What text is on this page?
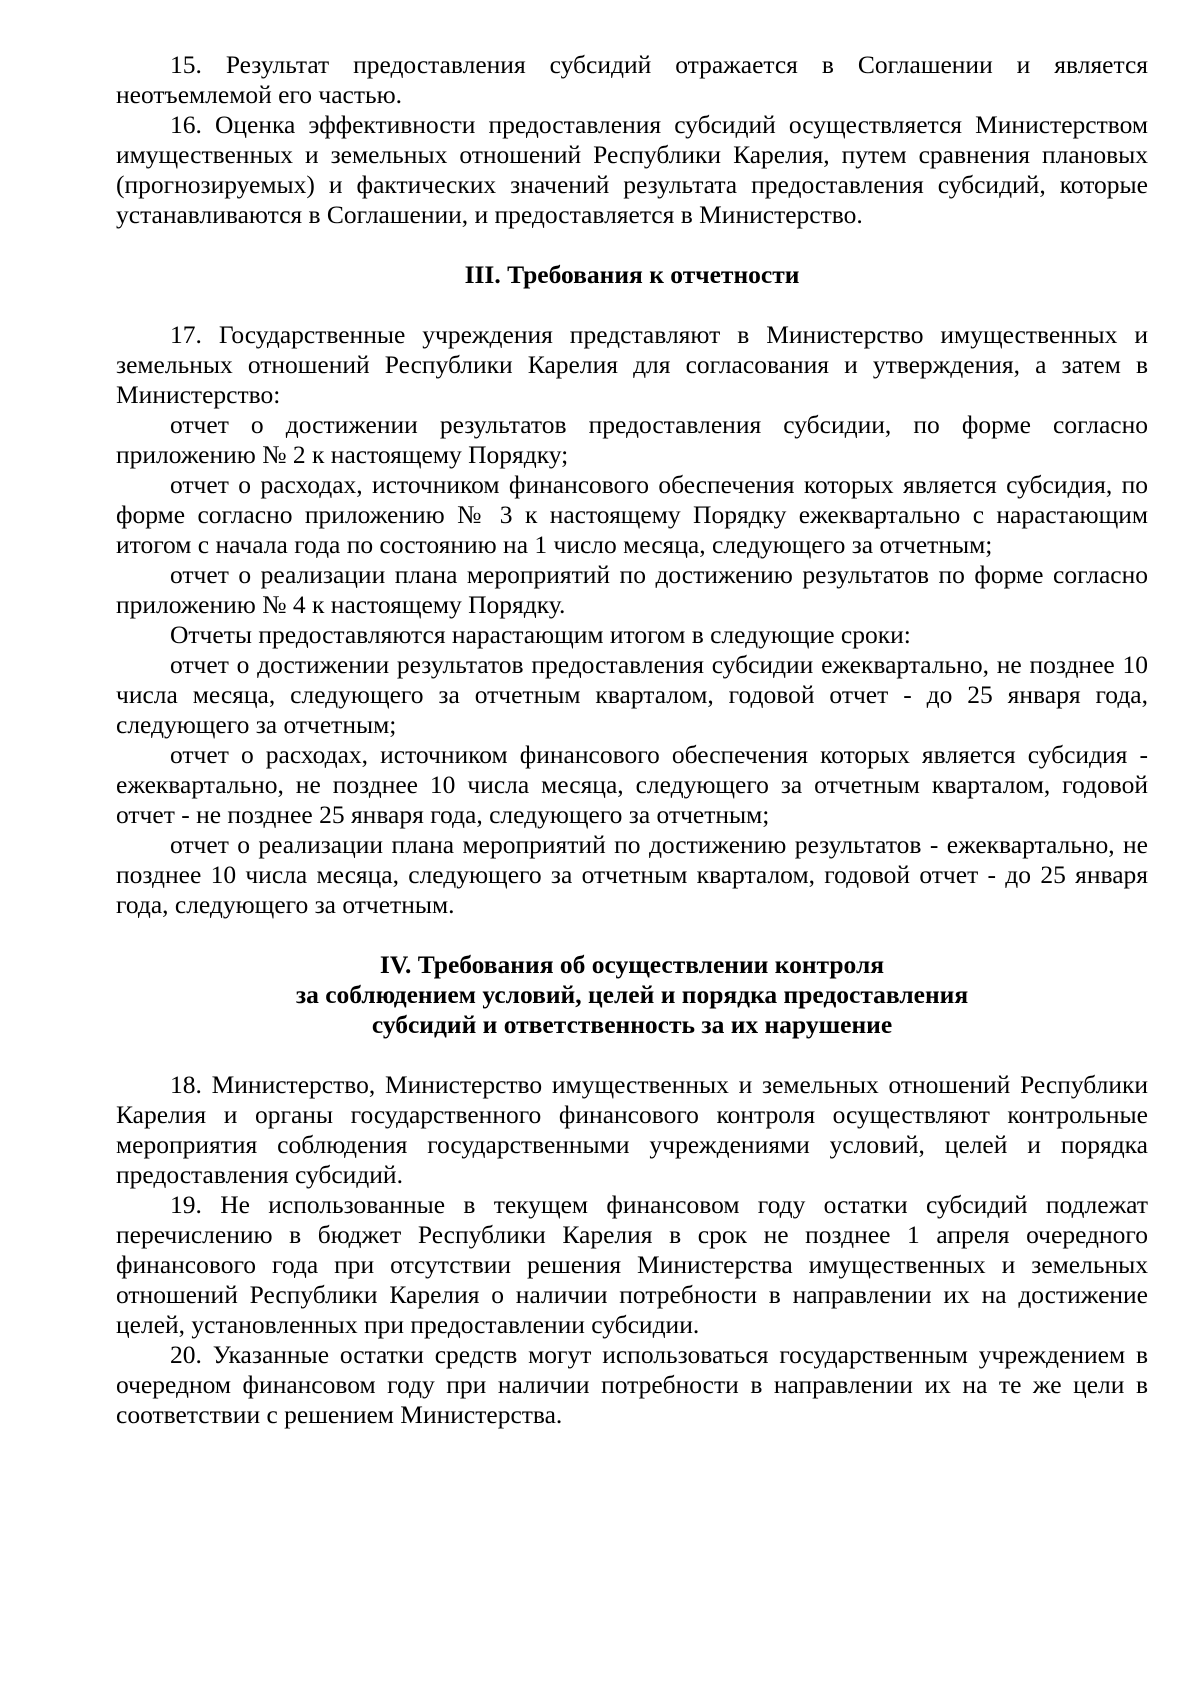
15. Результат предоставления субсидий отражается в Соглашении и является неотъемлемой его частью.

16. Оценка эффективности предоставления субсидий осуществляется Министерством имущественных и земельных отношений Республики Карелия, путем сравнения плановых (прогнозируемых) и фактических значений результата предоставления субсидий, которые устанавливаются в Соглашении, и предоставляется в Министерство.

III. Требования к отчетности

17. Государственные учреждения представляют в Министерство имущественных и земельных отношений Республики Карелия для согласования и утверждения, а затем в Министерство:

отчет о достижении результатов предоставления субсидии, по форме согласно приложению № 2 к настоящему Порядку;

отчет о расходах, источником финансового обеспечения которых является субсидия, по форме согласно приложению № 3 к настоящему Порядку ежеквартально с нарастающим итогом с начала года по состоянию на 1 число месяца, следующего за отчетным;

отчет о реализации плана мероприятий по достижению результатов по форме согласно приложению № 4 к настоящему Порядку.

Отчеты предоставляются нарастающим итогом в следующие сроки:

отчет о достижении результатов предоставления субсидии ежеквартально, не позднее 10 числа месяца, следующего за отчетным кварталом, годовой отчет - до 25 января года, следующего за отчетным;

отчет о расходах, источником финансового обеспечения которых является субсидия - ежеквартально, не позднее 10 числа месяца, следующего за отчетным кварталом, годовой отчет - не позднее 25 января года, следующего за отчетным;

отчет о реализации плана мероприятий по достижению результатов - ежеквартально, не позднее 10 числа месяца, следующего за отчетным кварталом, годовой отчет - до 25 января года, следующего за отчетным.

IV. Требования об осуществлении контроля
за соблюдением условий, целей и порядка предоставления
субсидий и ответственность за их нарушение

18. Министерство, Министерство имущественных и земельных отношений Республики Карелия и органы государственного финансового контроля осуществляют контрольные мероприятия соблюдения государственными учреждениями условий, целей и порядка предоставления субсидий.

19. Не использованные в текущем финансовом году остатки субсидий подлежат перечислению в бюджет Республики Карелия в срок не позднее 1 апреля очередного финансового года при отсутствии решения Министерства имущественных и земельных отношений Республики Карелия о наличии потребности в направлении их на достижение целей, установленных при предоставлении субсидии.

20. Указанные остатки средств могут использоваться государственным учреждением в очередном финансовом году при наличии потребности в направлении их на те же цели в соответствии с решением Министерства.
